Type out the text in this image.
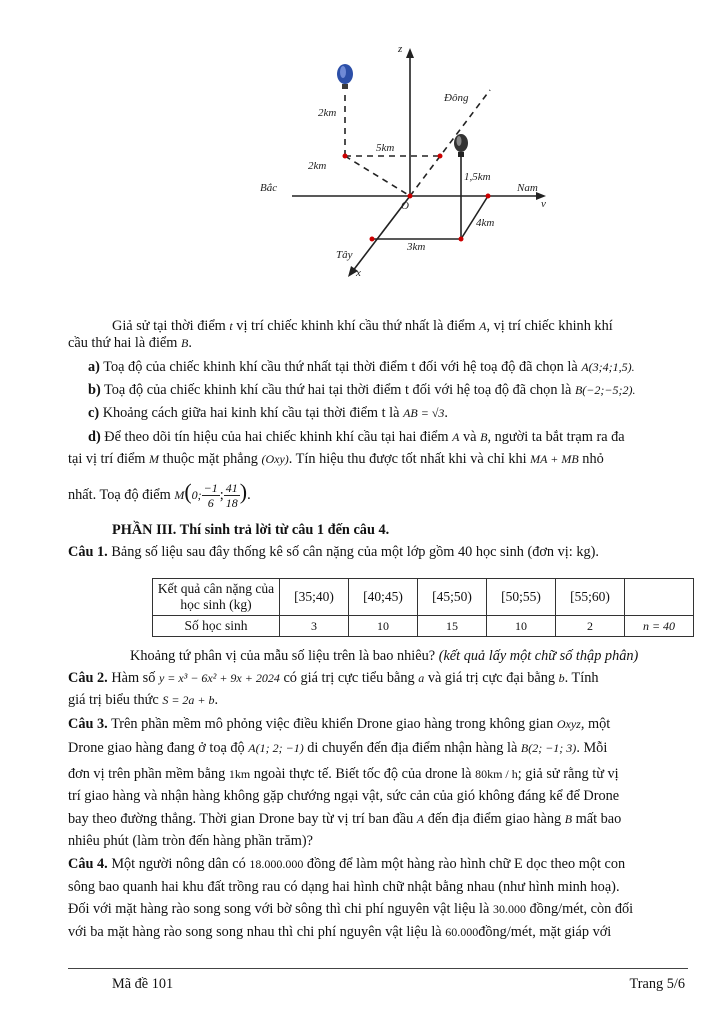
z
Đông
Nam
v
Bắc
Tây
x
O
2km
2km
5km
1,5km
4km
3km
Giả sử tại thời điểm t vị trí chiếc khinh khí cầu thứ nhất là điểm A, vị trí chiếc khinh khí
cầu thứ hai là điểm B.
a) Toạ độ của chiếc khinh khí cầu thứ nhất tại thời điểm t đối với hệ toạ độ đã chọn là A(3;4;1,5).
b) Toạ độ của chiếc khinh khí cầu thứ hai tại thời điểm t đối với hệ toạ độ đã chọn là B(−2;−5;2).
c) Khoảng cách giữa hai kinh khí cầu tại thời điểm t là AB = √3.
d) Để theo dõi tín hiệu của hai chiếc khinh khí cầu tại hai điểm A và B, người ta bắt trạm ra đa
tại vị trí điểm M thuộc mặt phẳng (Oxy). Tín hiệu thu được tốt nhất khi và chỉ khi MA + MB nhỏ
nhất. Toạ độ điểm M(0; $\frac{-1}{6}$ ; $\frac{41}{18}$ ).
PHẦN III. Thí sinh trả lời từ câu 1 đến câu 4.
Câu 1. Bảng số liệu sau đây thống kê số cân nặng của một lớp gồm 40 học sinh (đơn vị: kg).
Kết quả cân nặng của học sinh (kg)	[35;40)	[40;45)	[45;50)	[50;55)	[55;60)	
Số học sinh	3	10	15	10	2	n = 40
Khoảng tứ phân vị của mẫu số liệu trên là bao nhiêu? (kết quả lấy một chữ số thập phân)
Câu 2. Hàm số y = x³ − 6x² + 9x + 2024 có giá trị cực tiểu bằng a và giá trị cực đại bằng b. Tính
giá trị biểu thức S = 2a + b.
Câu 3. Trên phần mềm mô phỏng việc điều khiển Drone giao hàng trong không gian Oxyz, một
Drone giao hàng đang ở toạ độ A(1; 2; −1) di chuyển đến địa điểm nhận hàng là B(2; −1; 3). Mỗi
đơn vị trên phần mềm bằng 1km ngoài thực tế. Biết tốc độ của drone là 80km / h; giả sử rằng từ vị
trí giao hàng và nhận hàng không gặp chướng ngại vật, sức cản của gió không đáng kể để Drone
bay theo đường thẳng. Thời gian Drone bay từ vị trí ban đầu A đến địa điểm giao hàng B mất bao
nhiêu phút (làm tròn đến hàng phần trăm)?
Câu 4. Một người nông dân có 18.000.000 đồng để làm một hàng rào hình chữ E dọc theo một con
sông bao quanh hai khu đất trồng rau có dạng hai hình chữ nhật bằng nhau (như hình minh hoạ).
Đối với mặt hàng rào song song với bờ sông thì chi phí nguyên vật liệu là 30.000 đồng/mét, còn đối
với ba mặt hàng rào song song nhau thì chi phí nguyên vật liệu là 60.000đồng/mét, mặt giáp với
Mã đề 101	Trang 5/6
